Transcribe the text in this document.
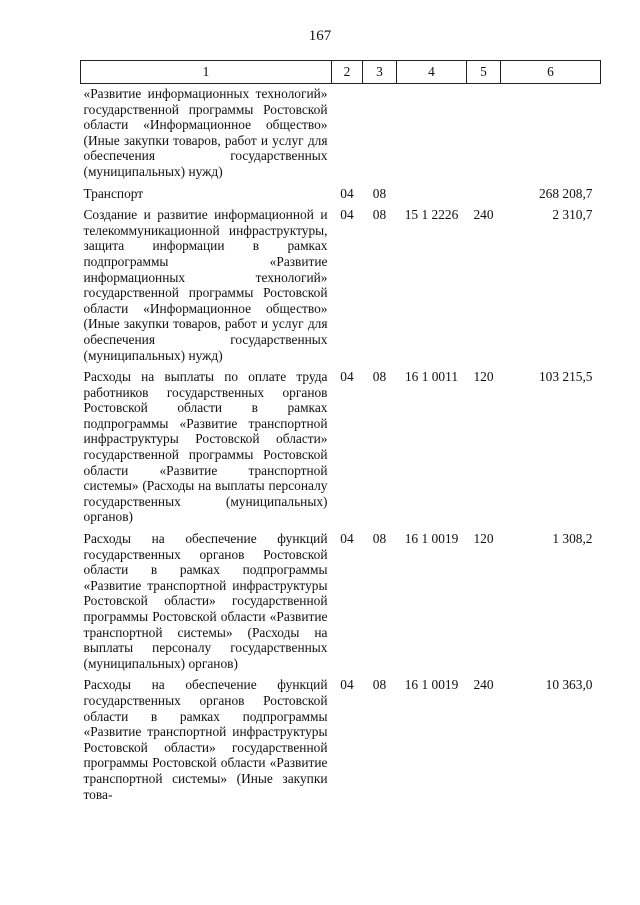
167
1	2	3	4	5	6
«Развитие информационных технологий» государственной программы Ростовской области «Информационное общество» (Иные закупки товаров, работ и услуг для обеспечения государственных (муниципальных) нужд)					
Транспорт	04	08			268 208,7
Создание и развитие информационной и телекоммуникационной инфраструктуры, защита информации в рамках подпрограммы «Развитие информационных технологий» государственной программы Ростовской области «Информационное общество» (Иные закупки товаров, работ и услуг для обеспечения государственных (муниципальных) нужд)	04	08	15 1 2226	240	2 310,7
Расходы на выплаты по оплате труда работников государственных органов Ростовской области в рамках подпрограммы «Развитие транспортной инфраструктуры Ростовской области» государственной программы Ростовской области «Развитие транспортной системы» (Расходы на выплаты персоналу государственных (муниципальных) органов)	04	08	16 1 0011	120	103 215,5
Расходы на обеспечение функций государственных органов Ростовской области в рамках подпрограммы «Развитие транспортной инфраструктуры Ростовской области» государственной программы Ростовской области «Развитие транспортной системы» (Расходы на выплаты персоналу государственных (муниципальных) органов)	04	08	16 1 0019	120	1 308,2
Расходы на обеспечение функций государственных органов Ростовской области в рамках подпрограммы «Развитие транспортной инфраструктуры Ростовской области» государственной программы Ростовской области «Развитие транспортной системы» (Иные закупки това-	04	08	16 1 0019	240	10 363,0
